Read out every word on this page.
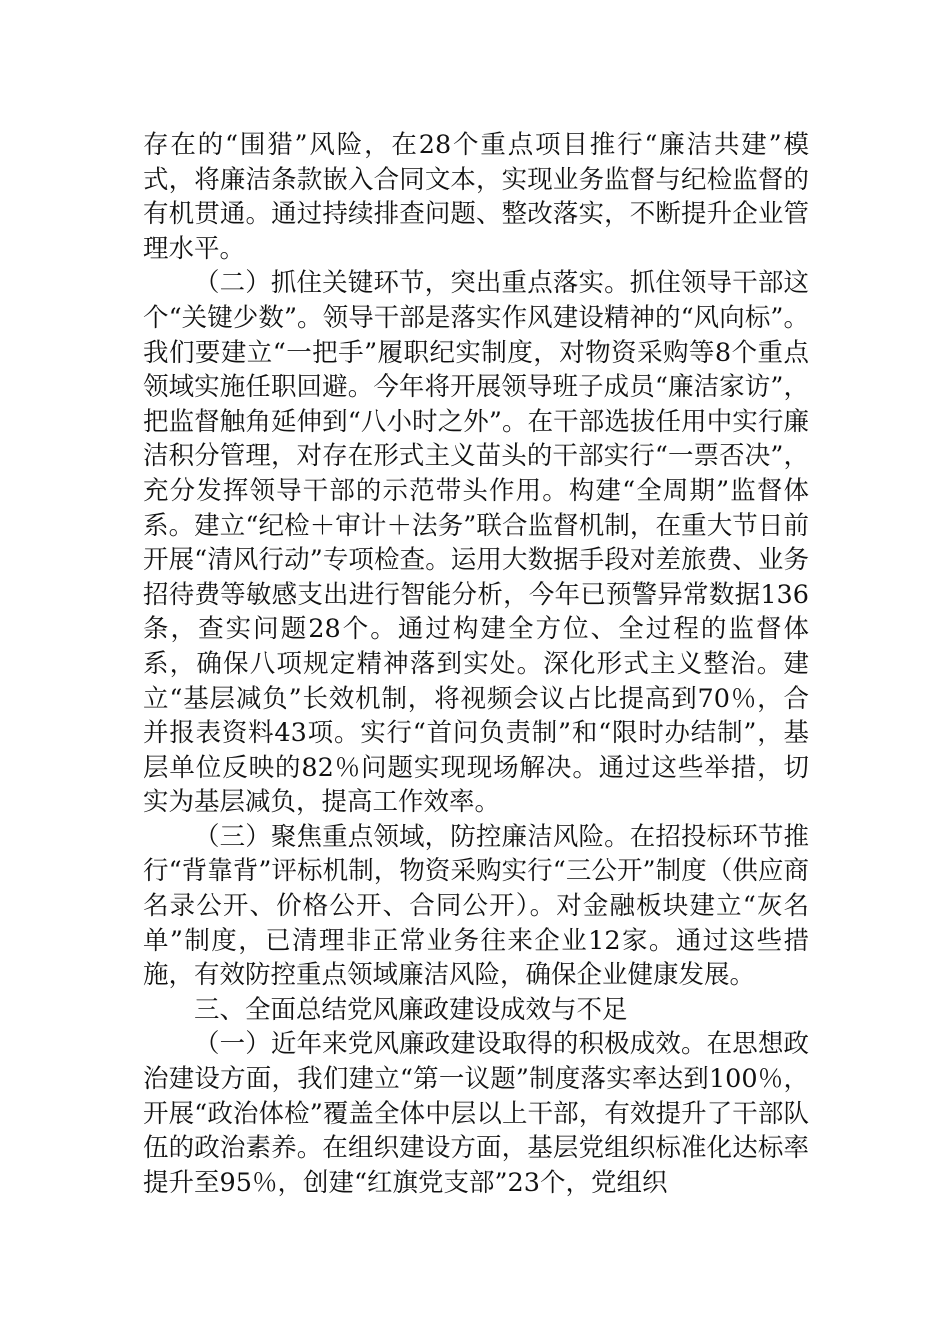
存在的“围猎”风险，在28个重点项目推行“廉洁共建”模式，将廉洁条款嵌入合同文本，实现业务监督与纪检监督的有机贯通。通过持续排查问题、整改落实，不断提升企业管理水平。

（二）抓住关键环节，突出重点落实。抓住领导干部这个“关键少数”。领导干部是落实作风建设精神的“风向标”。我们要建立“一把手”履职纪实制度，对物资采购等8个重点领域实施任职回避。今年将开展领导班子成员“廉洁家访”，把监督触角延伸到“八小时之外”。在干部选拔任用中实行廉洁积分管理，对存在形式主义苗头的干部实行“一票否决”，充分发挥领导干部的示范带头作用。构建“全周期”监督体系。建立“纪检＋审计＋法务”联合监督机制，在重大节日前开展“清风行动”专项检查。运用大数据手段对差旅费、业务招待费等敏感支出进行智能分析，今年已预警异常数据136条，查实问题28个。通过构建全方位、全过程的监督体系，确保八项规定精神落到实处。深化形式主义整治。建立“基层减负”长效机制，将视频会议占比提高到70％，合并报表资料43项。实行“首问负责制”和“限时办结制”，基层单位反映的82％问题实现现场解决。通过这些举措，切实为基层减负，提高工作效率。

（三）聚焦重点领域，防控廉洁风险。在招投标环节推行“背靠背”评标机制，物资采购实行“三公开”制度（供应商名录公开、价格公开、合同公开）。对金融板块建立“灰名单”制度，已清理非正常业务往来企业12家。通过这些措施，有效防控重点领域廉洁风险，确保企业健康发展。

三、全面总结党风廉政建设成效与不足

（一）近年来党风廉政建设取得的积极成效。在思想政治建设方面，我们建立“第一议题”制度落实率达到100％，开展“政治体检”覆盖全体中层以上干部，有效提升了干部队伍的政治素养。在组织建设方面，基层党组织标准化达标率提升至95％，创建“红旗党支部”23个，党组织
